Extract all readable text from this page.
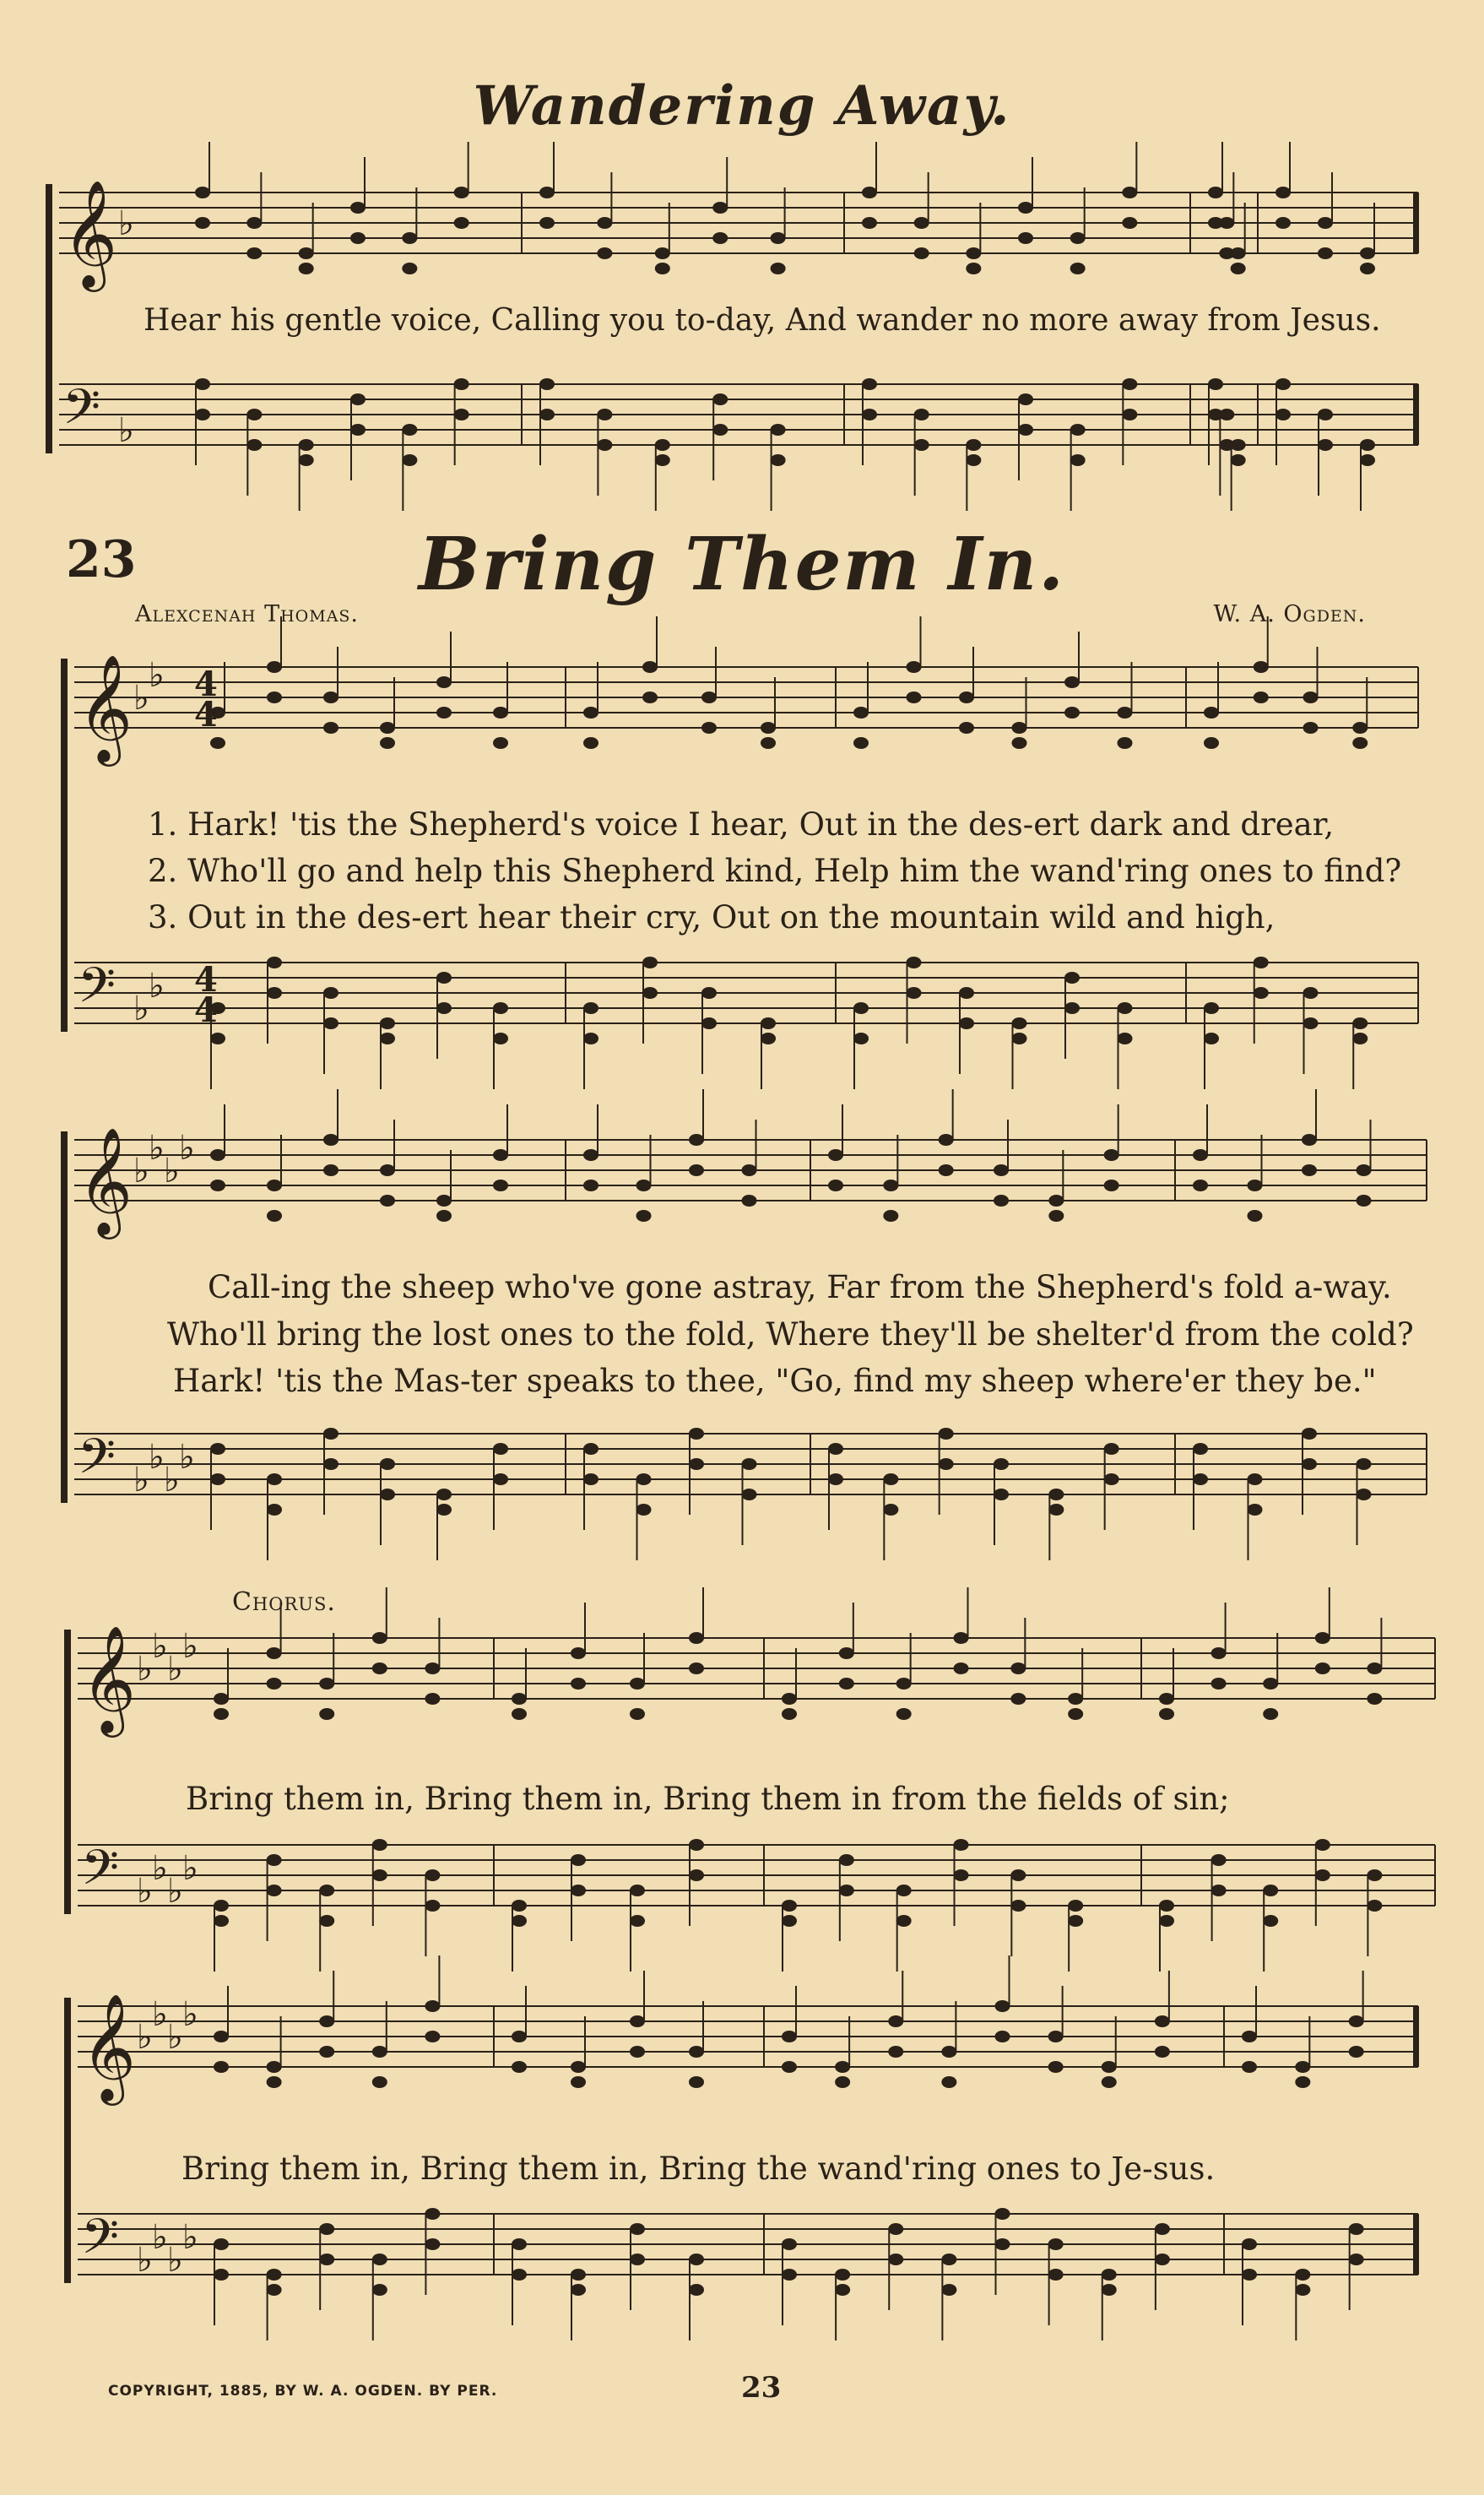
𝄞 ♭
𝄢 ♭
𝄞 ♭
♭
𝄢 ♭
♭
𝄞 ♭
♭
♭
♭
𝄢 ♭
♭
♭
♭
𝄞 ♭
♭
♭
♭
𝄢 ♭
♭
♭
♭
𝄞 ♭
♭
♭
♭
𝄢 ♭
♭
♭
♭
4
4
4
4
Wandering Away.
Hear his gentle voice, Calling you to-day, And wander no more away from Jesus.
23	Bring Them In.
Alexcenah Thomas.	W. A. Ogden.
1. Hark! 'tis the Shepherd's voice I hear, Out in the des-ert dark and drear,
2. Who'll go and help this Shepherd kind, Help him the wand'ring ones to find?
3. Out in the des-ert hear their cry, Out on the mountain wild and high,
Call-ing the sheep who've gone astray, Far from the Shepherd's fold a-way.
Who'll bring the lost ones to the fold, Where they'll be shelter'd from the cold?
Hark! 'tis the Mas-ter speaks to thee, "Go, find my sheep where'er they be."
Chorus.
Bring them in, Bring them in, Bring them in from the fields of sin;
Bring them in, Bring them in, Bring the wand'ring ones to Je-sus.
COPYRIGHT, 1885, BY W. A. OGDEN. BY PER.	23
